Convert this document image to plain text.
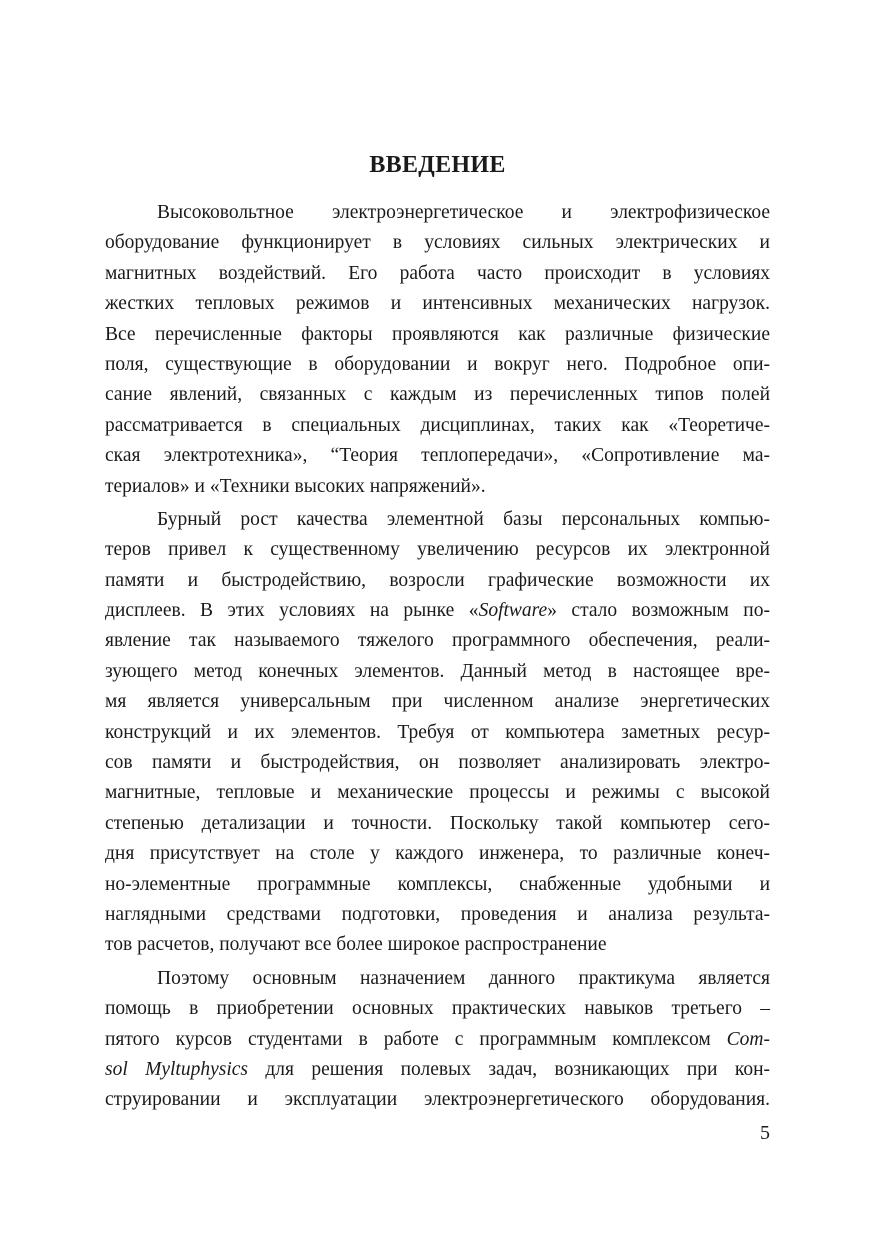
ВВЕДЕНИЕ
Высоковольтное электроэнергетическое и электрофизическое
оборудование функционирует в условиях сильных электрических и
магнитных воздействий. Его работа часто происходит в условиях
жестких тепловых режимов и интенсивных механических нагрузок.
Все перечисленные факторы проявляются как различные физические
поля, существующие в оборудовании и вокруг него. Подробное опи-
сание явлений, связанных с каждым из перечисленных типов полей
рассматривается в специальных дисциплинах, таких как «Теоретиче-
ская электротехника», “Теория теплопередачи», «Сопротивление ма-
териалов» и «Техники высоких напряжений».
Бурный рост качества элементной базы персональных компью-
теров привел к существенному увеличению ресурсов их электронной
памяти и быстродействию, возросли графические возможности их
дисплеев. В этих условиях на рынке «Software» стало возможным по-
явление так называемого тяжелого программного обеспечения, реали-
зующего метод конечных элементов. Данный метод в настоящее вре-
мя является универсальным при численном анализе энергетических
конструкций и их элементов. Требуя от компьютера заметных ресур-
сов памяти и быстродействия, он позволяет анализировать электро-
магнитные, тепловые и механические процессы и режимы с высокой
степенью детализации и точности. Поскольку такой компьютер сего-
дня присутствует на столе у каждого инженера, то различные конеч-
но-элементные программные комплексы, снабженные удобными и
наглядными средствами подготовки, проведения и анализа результа-
тов расчетов, получают все более широкое распространение
Поэтому основным назначением данного практикума является
помощь в приобретении основных практических навыков третьего –
пятого курсов студентами в работе с программным комплексом Com-
sol Myltuphysics для решения полевых задач, возникающих при кон-
струировании и эксплуатации электроэнергетического оборудования.
5
